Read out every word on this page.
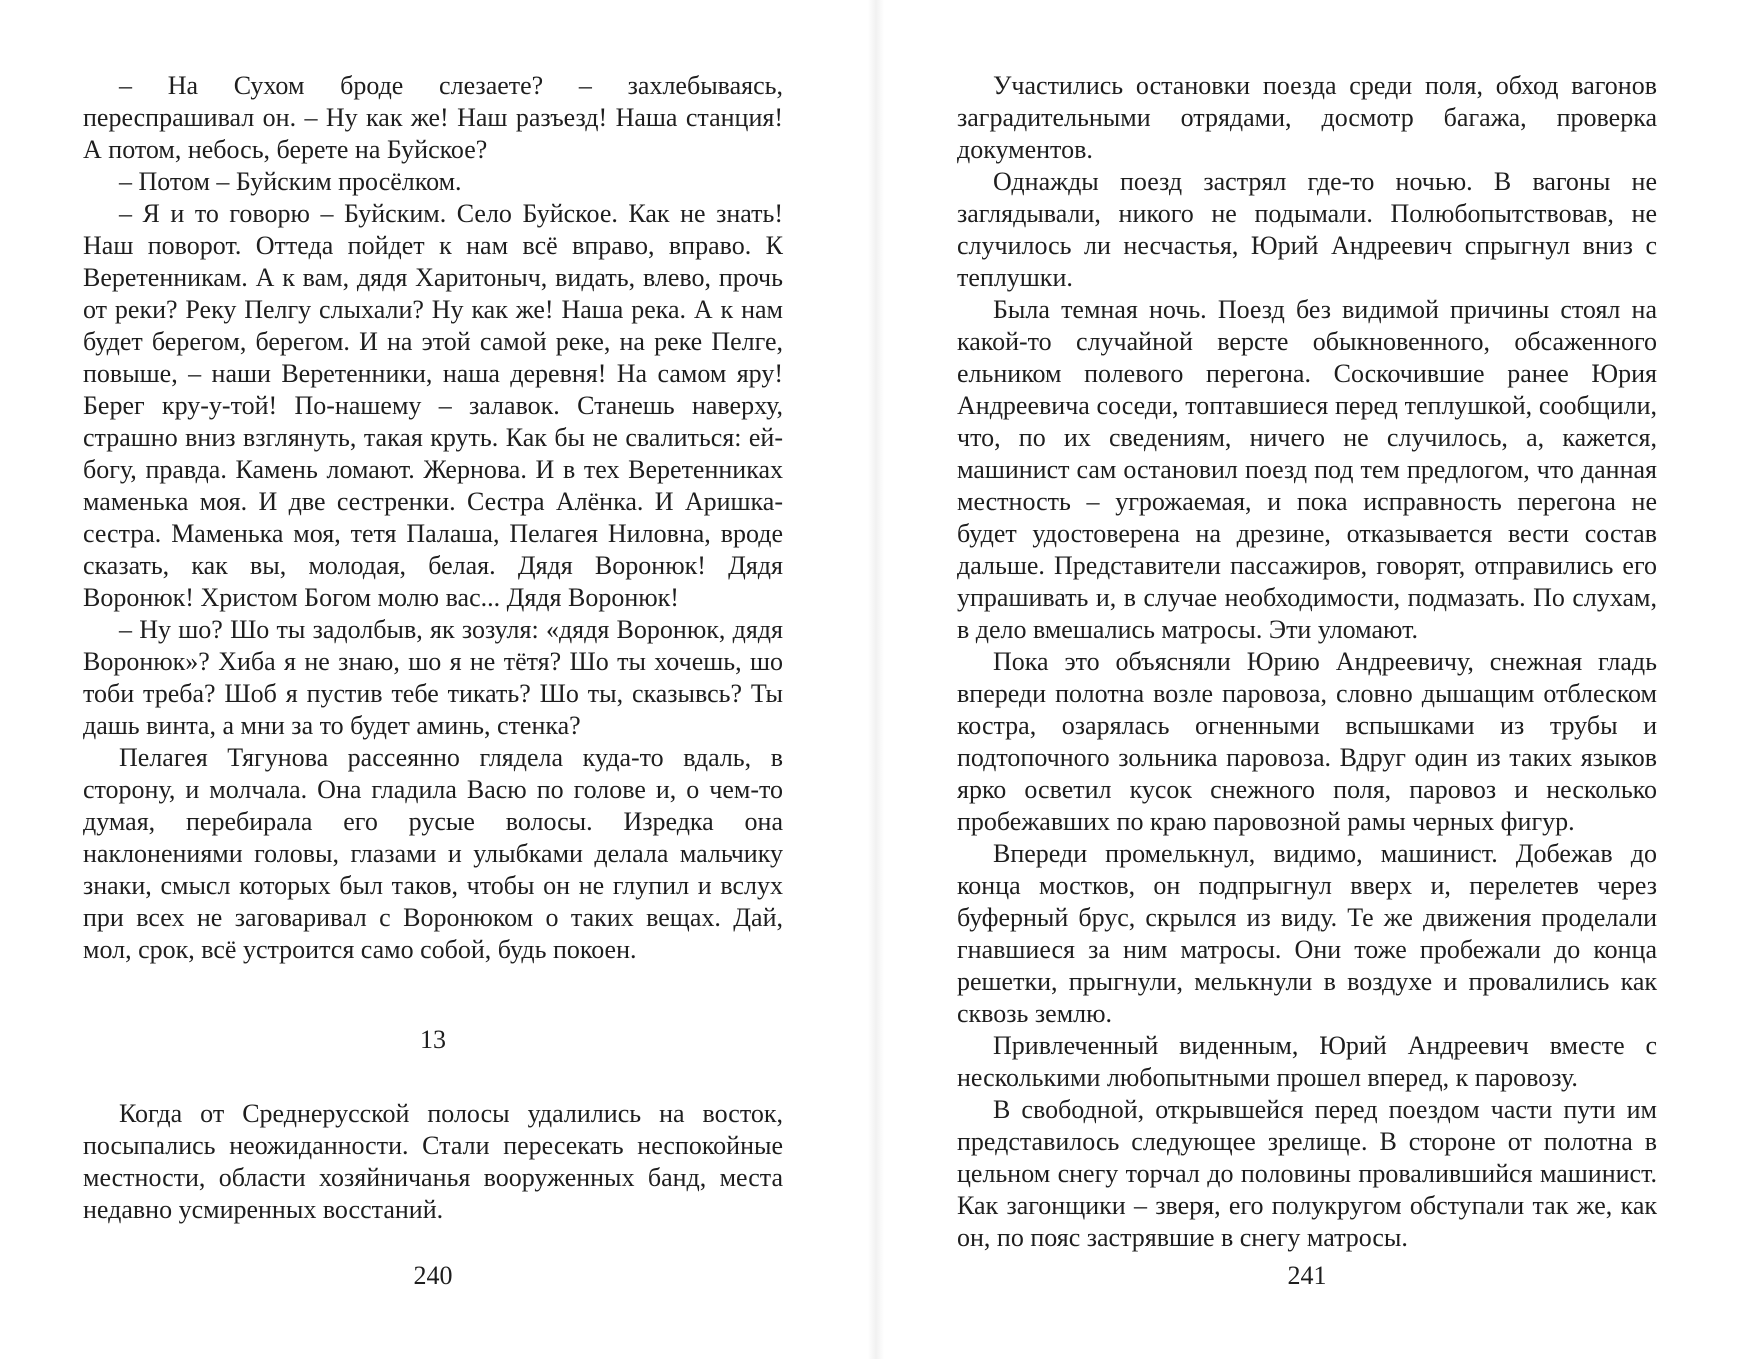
– На Сухом броде слезаете? – захлебываясь, переспрашивал он. – Ну как же! Наш разъезд! Наша станция! А потом, небось, берете на Буйское?

– Потом – Буйским просёлком.

– Я и то говорю – Буйским. Село Буйское. Как не знать! Наш поворот. Оттеда пойдет к нам всё вправо, вправо. К Веретенникам. А к вам, дядя Харитоныч, видать, влево, прочь от реки? Реку Пелгу слыхали? Ну как же! Наша река. А к нам будет берегом, берегом. И на этой самой реке, на реке Пелге, повыше, – наши Веретенники, наша деревня! На самом яру! Берег кру-у-той! По-нашему – залавок. Станешь наверху, страшно вниз взглянуть, такая круть. Как бы не свалиться: ей-богу, правда. Камень ломают. Жернова. И в тех Веретенниках маменька моя. И две сестренки. Сестра Алёнка. И Аришка-сестра. Маменька моя, тетя Палаша, Пелагея Ниловна, вроде сказать, как вы, молодая, белая. Дядя Воронюк! Дядя Воронюк! Христом Богом молю вас... Дядя Воронюк!

– Ну шо? Шо ты задолбыв, як зозуля: «дядя Воронюк, дядя Воронюк»? Хиба я не знаю, шо я не тётя? Шо ты хочешь, шо тоби треба? Шоб я пустив тебе тикать? Шо ты, сказывсь? Ты дашь винта, а мни за то будет аминь, стенка?

Пелагея Тягунова рассеянно глядела куда-то вдаль, в сторону, и молчала. Она гладила Васю по голове и, о чем-то думая, перебирала его русые волосы. Изредка она наклонениями головы, глазами и улыбками делала мальчику знаки, смысл которых был таков, чтобы он не глупил и вслух при всех не заговаривал с Воронюком о таких вещах. Дай, мол, срок, всё устроится само собой, будь покоен.

13

Когда от Среднерусской полосы удалились на восток, посыпались неожиданности. Стали пересекать неспокойные местности, области хозяйничанья вооруженных банд, места недавно усмиренных восстаний.

240

Участились остановки поезда среди поля, обход вагонов заградительными отрядами, досмотр багажа, проверка документов.

Однажды поезд застрял где-то ночью. В вагоны не заглядывали, никого не подымали. Полюбопытствовав, не случилось ли несчастья, Юрий Андреевич спрыгнул вниз с теплушки.

Была темная ночь. Поезд без видимой причины стоял на какой-то случайной версте обыкновенного, обсаженного ельником полевого перегона. Соскочившие ранее Юрия Андреевича соседи, топтавшиеся перед теплушкой, сообщили, что, по их сведениям, ничего не случилось, а, кажется, машинист сам остановил поезд под тем предлогом, что данная местность – угрожаемая, и пока исправность перегона не будет удостоверена на дрезине, отказывается вести состав дальше. Представители пассажиров, говорят, отправились его упрашивать и, в случае необходимости, подмазать. По слухам, в дело вмешались матросы. Эти уломают.

Пока это объясняли Юрию Андреевичу, снежная гладь впереди полотна возле паровоза, словно дышащим отблеском костра, озарялась огненными вспышками из трубы и подтопочного зольника паровоза. Вдруг один из таких языков ярко осветил кусок снежного поля, паровоз и несколько пробежавших по краю паровозной рамы черных фигур.

Впереди промелькнул, видимо, машинист. Добежав до конца мостков, он подпрыгнул вверх и, перелетев через буферный брус, скрылся из виду. Те же движения проделали гнавшиеся за ним матросы. Они тоже пробежали до конца решетки, прыгнули, мелькнули в воздухе и провалились как сквозь землю.

Привлеченный виденным, Юрий Андреевич вместе с несколькими любопытными прошел вперед, к паровозу.

В свободной, открывшейся перед поездом части пути им представилось следующее зрелище. В стороне от полотна в цельном снегу торчал до половины провалившийся машинист. Как загонщики – зверя, его полукругом обступали так же, как он, по пояс застрявшие в снегу матросы.

241
